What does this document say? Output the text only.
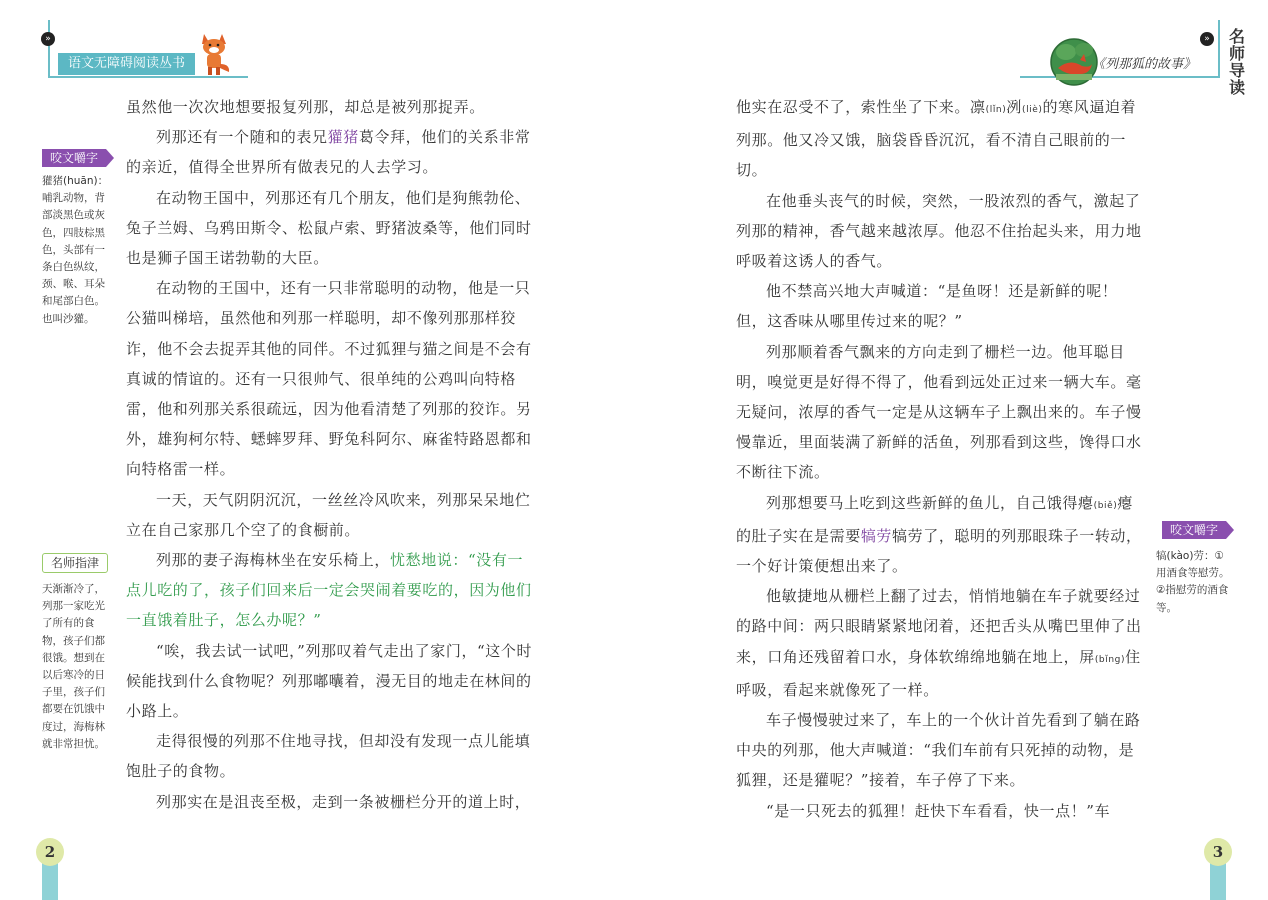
»	»
语文无障碍阅读丛书	《列那狐的故事》
名师导读

虽然他一次次地想要报复列那，却总是被列那捉弄。

列那还有一个随和的表兄獾猪葛令拜，他们的关系非常的亲近，值得全世界所有做表兄的人去学习。

在动物王国中，列那还有几个朋友，他们是狗熊勃伦、兔子兰姆、乌鸦田斯令、松鼠卢索、野猪波桑等，他们同时也是狮子国王诺勃勒的大臣。

在动物的王国中，还有一只非常聪明的动物，他是一只公猫叫梯培，虽然他和列那一样聪明，却不像列那那样狡诈，他不会去捉弄其他的同伴。不过狐狸与猫之间是不会有真诚的情谊的。还有一只很帅气、很单纯的公鸡叫向特格雷，他和列那关系很疏远，因为他看清楚了列那的狡诈。另外，雄狗柯尔特、蟋蟀罗拜、野兔科阿尔、麻雀特路恩都和向特格雷一样。

一天，天气阴阴沉沉，一丝丝冷风吹来，列那呆呆地伫立在自己家那几个空了的食橱前。

列那的妻子海梅林坐在安乐椅上，忧愁地说：“没有一点儿吃的了，孩子们回来后一定会哭闹着要吃的，因为他们一直饿着肚子，怎么办呢？”

“唉，我去试一试吧，”列那叹着气走出了家门，“这个时候能找到什么食物呢？列那嘟囔着，漫无目的地走在林间的小路上。

走得很慢的列那不住地寻找，但却没有发现一点儿能填饱肚子的食物。

列那实在是沮丧至极，走到一条被栅栏分开的道上时，

咬文嚼字
獾猪(huān)：哺乳动物，背部淡黑色或灰色，四肢棕黑色，头部有一条白色纵纹，颈、喉、耳朵和尾部白色。也叫沙獾。
名师指津
天渐渐冷了，列那一家吃光了所有的食物，孩子们都很饿。想到在以后寒冷的日子里，孩子们都要在饥饿中度过，海梅林就非常担忧。

他实在忍受不了，索性坐了下来。凛(lǐn)冽(liè)的寒风逼迫着列那。他又冷又饿，脑袋昏昏沉沉，看不清自己眼前的一切。

在他垂头丧气的时候，突然，一股浓烈的香气，激起了列那的精神，香气越来越浓厚。他忍不住抬起头来，用力地呼吸着这诱人的香气。

他不禁高兴地大声喊道：“是鱼呀！还是新鲜的呢！但，这香味从哪里传过来的呢？”

列那顺着香气飘来的方向走到了栅栏一边。他耳聪目明，嗅觉更是好得不得了，他看到远处正过来一辆大车。毫无疑问，浓厚的香气一定是从这辆车子上飘出来的。车子慢慢靠近，里面装满了新鲜的活鱼，列那看到这些，馋得口水不断往下流。

列那想要马上吃到这些新鲜的鱼儿，自己饿得瘪(biě)瘪的肚子实在是需要犒劳犒劳了，聪明的列那眼珠子一转动，一个好计策便想出来了。

他敏捷地从栅栏上翻了过去，悄悄地躺在车子就要经过的路中间：两只眼睛紧紧地闭着，还把舌头从嘴巴里伸了出来，口角还残留着口水，身体软绵绵地躺在地上，屏(bǐng)住呼吸，看起来就像死了一样。

车子慢慢驶过来了，车上的一个伙计首先看到了躺在路中央的列那，他大声喊道：“我们车前有只死掉的动物，是狐狸，还是獾呢？”接着，车子停了下来。

“是一只死去的狐狸！赶快下车看看，快一点！”车

咬文嚼字
犒(kào)劳：①用酒食等慰劳。②指慰劳的酒食等。
2	3
